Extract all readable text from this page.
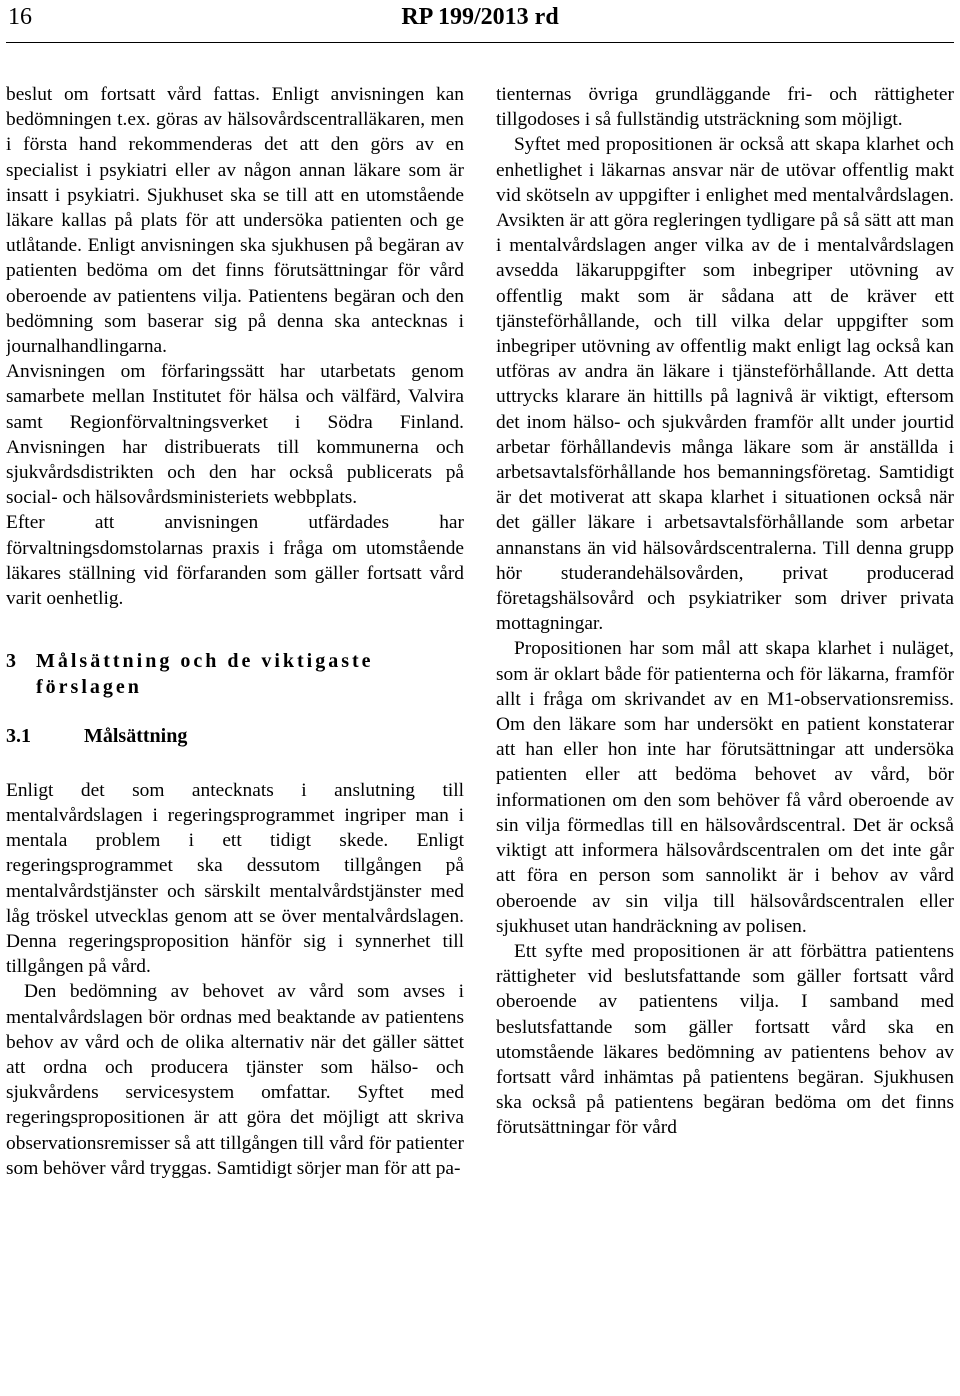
16	RP 199/2013 rd

beslut om fortsatt vård fattas. Enligt anvisningen kan bedömningen t.ex. göras av hälsovårdscentralläkaren, men i första hand rekommenderas det att den görs av en specialist i psykiatri eller av någon annan läkare som är insatt i psykiatri. Sjukhuset ska se till att en utomstående läkare kallas på plats för att undersöka patienten och ge utlåtande. Enligt anvisningen ska sjukhusen på begäran av patienten bedöma om det finns förutsättningar för vård oberoende av patientens vilja. Patientens begäran och den bedömning som baserar sig på denna ska antecknas i journalhandlingarna.

Anvisningen om förfaringssätt har utarbetats genom samarbete mellan Institutet för hälsa och välfärd, Valvira samt Regionförvaltningsverket i Södra Finland. Anvisningen har distribuerats till kommunerna och sjukvårdsdistrikten och den har också publicerats på social- och hälsovårdsministeriets webbplats.

Efter att anvisningen utfärdades har förvaltningsdomstolarnas praxis i fråga om utomstående läkares ställning vid förfaranden som gäller fortsatt vård varit oenhetlig.

3	Målsättning och de viktigaste förslagen
3.1	Målsättning

Enligt det som antecknats i anslutning till mentalvårdslagen i regeringsprogrammet ingriper man i mentala problem i ett tidigt skede. Enligt regeringsprogrammet ska dessutom tillgången på mentalvårdstjänster och särskilt mentalvårdstjänster med låg tröskel utvecklas genom att se över mentalvårdslagen. Denna regeringsproposition hänför sig i synnerhet till tillgången på vård.

Den bedömning av behovet av vård som avses i mentalvårdslagen bör ordnas med beaktande av patientens behov av vård och de olika alternativ när det gäller sättet att ordna och producera tjänster som hälso- och sjukvårdens servicesystem omfattar. Syftet med regeringspropositionen är att göra det möjligt att skriva observationsremisser så att tillgången till vård för patienter som behöver vård tryggas. Samtidigt sörjer man för att pa-

tienternas övriga grundläggande fri- och rättigheter tillgodoses i så fullständig utsträckning som möjligt.

Syftet med propositionen är också att skapa klarhet och enhetlighet i läkarnas ansvar när de utövar offentlig makt vid skötseln av uppgifter i enlighet med mentalvårdslagen. Avsikten är att göra regleringen tydligare på så sätt att man i mentalvårdslagen anger vilka av de i mentalvårdslagen avsedda läkaruppgifter som inbegriper utövning av offentlig makt som är sådana att de kräver ett tjänsteförhållande, och till vilka delar uppgifter som inbegriper utövning av offentlig makt enligt lag också kan utföras av andra än läkare i tjänsteförhållande. Att detta uttrycks klarare än hittills på lagnivå är viktigt, eftersom det inom hälso- och sjukvården framför allt under jourtid arbetar förhållandevis många läkare som är anställda i arbetsavtalsförhållande hos bemanningsföretag. Samtidigt är det motiverat att skapa klarhet i situationen också när det gäller läkare i arbetsavtalsförhållande som arbetar annanstans än vid hälsovårdscentralerna. Till denna grupp hör studerandehälsovården, privat producerad företagshälsovård och psykiatriker som driver privata mottagningar.

Propositionen har som mål att skapa klarhet i nuläget, som är oklart både för patienterna och för läkarna, framför allt i fråga om skrivandet av en M1-observationsremiss. Om den läkare som har undersökt en patient konstaterar att han eller hon inte har förutsättningar att undersöka patienten eller att bedöma behovet av vård, bör informationen om den som behöver få vård oberoende av sin vilja förmedlas till en hälsovårdscentral. Det är också viktigt att informera hälsovårdscentralen om det inte går att föra en person som sannolikt är i behov av vård oberoende av sin vilja till hälsovårdscentralen eller sjukhuset utan handräckning av polisen.

Ett syfte med propositionen är att förbättra patientens rättigheter vid beslutsfattande som gäller fortsatt vård oberoende av patientens vilja. I samband med beslutsfattande som gäller fortsatt vård ska en utomstående läkares bedömning av patientens behov av fortsatt vård inhämtas på patientens begäran. Sjukhusen ska också på patientens begäran bedöma om det finns förutsättningar för vård
